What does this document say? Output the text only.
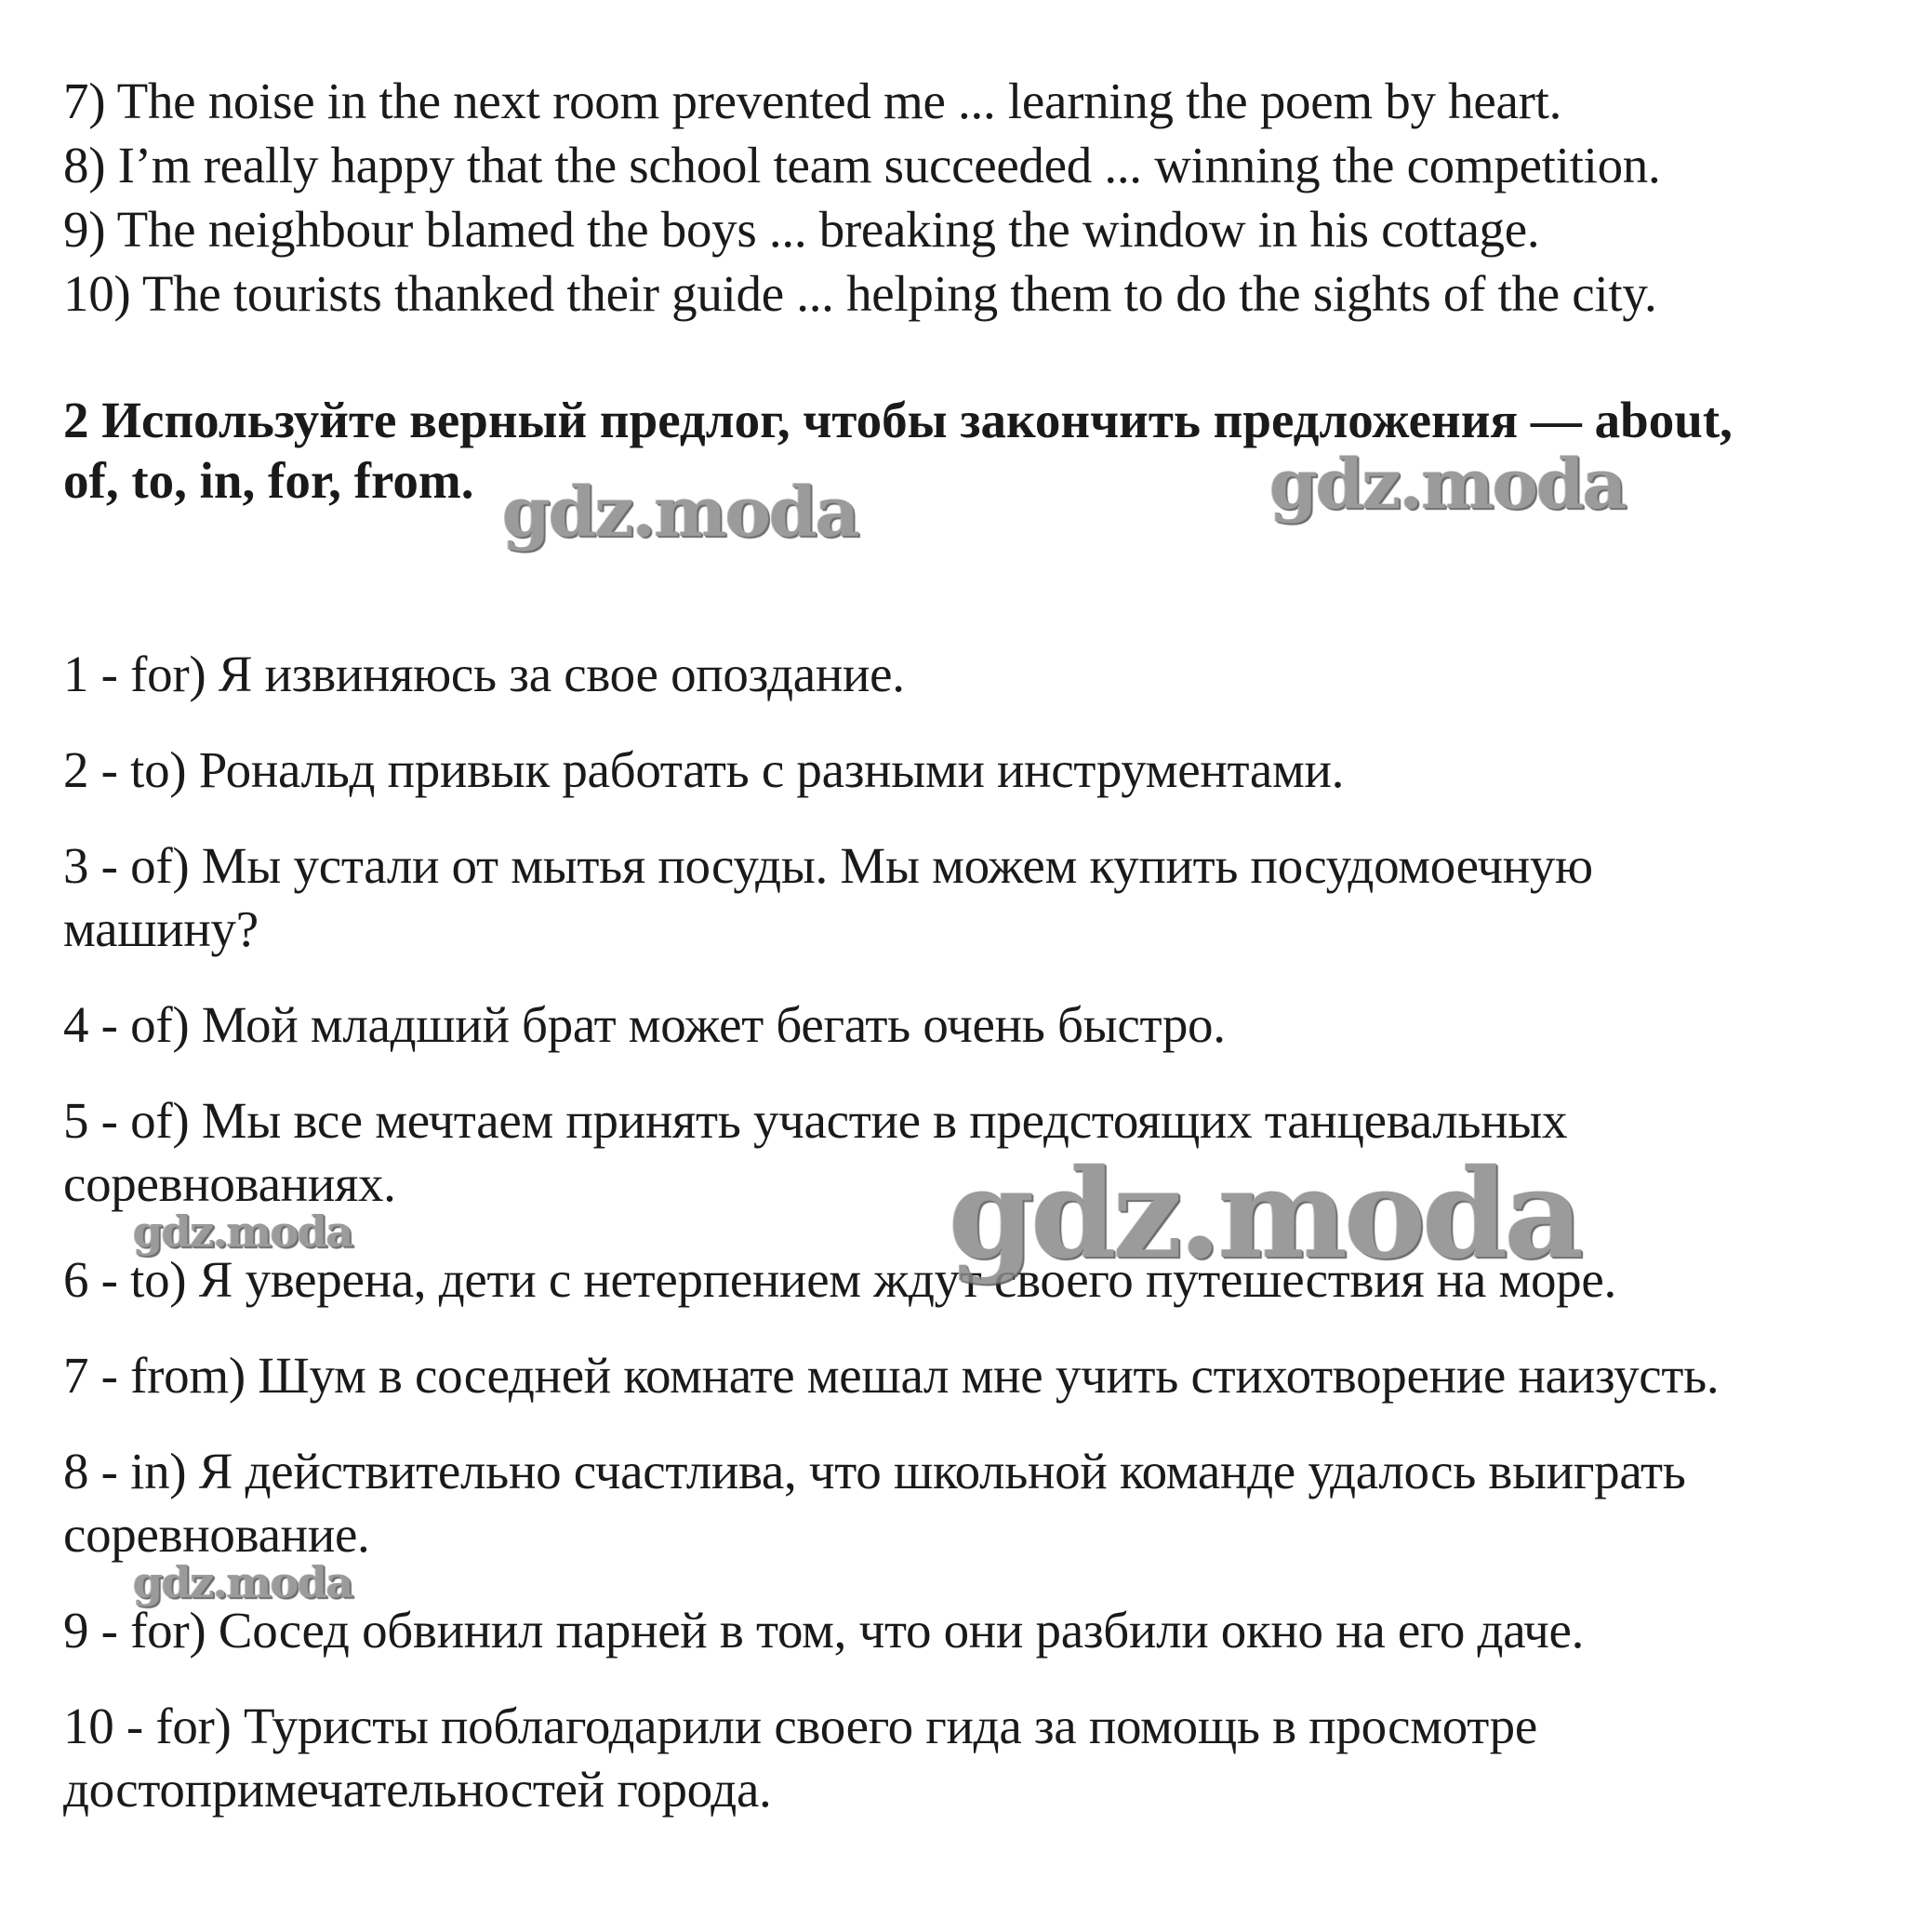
7) The noise in the next room prevented me ... learning the poem by heart.
8) I’m really happy that the school team succeeded ... winning the competition.
9) The neighbour blamed the boys ... breaking the window in his cottage.
10) The tourists thanked their guide ... helping them to do the sights of the city.
2 Используйте верный предлог, чтобы закончить предложения — about,
of, to, in, for, from.
1 - for) Я извиняюсь за свое опоздание.
2 - to) Рональд привык работать с разными инструментами.
3 - of) Мы устали от мытья посуды. Мы можем купить посудомоечную
машину?
4 - of) Мой младший брат может бегать очень быстро.
5 - of) Мы все мечтаем принять участие в предстоящих танцевальных
соревнованиях.
6 - to) Я уверена, дети с нетерпением ждут своего путешествия на море.
7 - from) Шум в соседней комнате мешал мне учить стихотворение наизусть.
8 - in) Я действительно счастлива, что школьной команде удалось выиграть
соревнование.
9 - for) Сосед обвинил парней в том, что они разбили окно на его даче.
10 - for) Туристы поблагодарили своего гида за помощь в просмотре
достопримечательностей города.
gdz.moda	gdz.moda
gdz.moda
gdz.moda
gdz.moda
